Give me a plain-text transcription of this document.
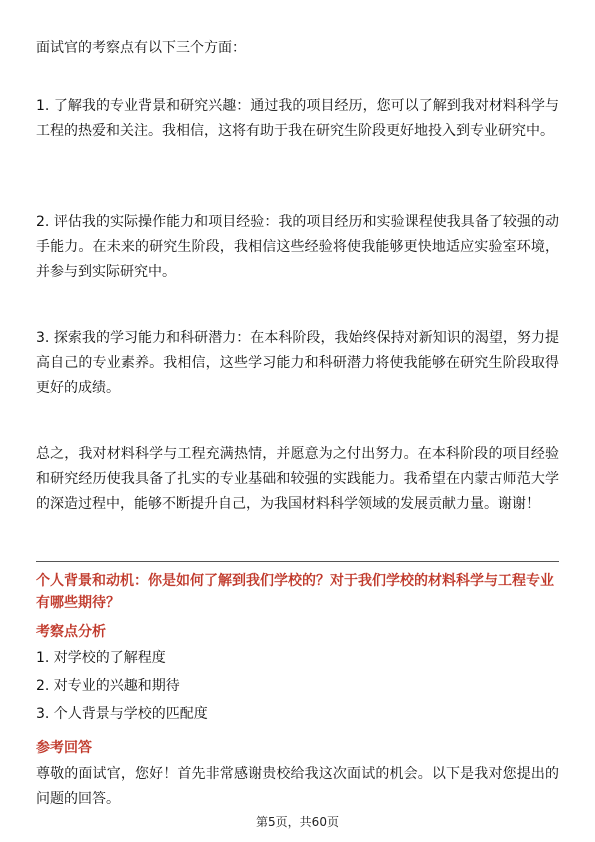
面试官的考察点有以下三个方面：

1. 了解我的专业背景和研究兴趣：通过我的项目经历，您可以了解到我对材料科学与工程的热爱和关注。我相信，这将有助于我在研究生阶段更好地投入到专业研究中。

2. 评估我的实际操作能力和项目经验：我的项目经历和实验课程使我具备了较强的动手能力。在未来的研究生阶段，我相信这些经验将使我能够更快地适应实验室环境，并参与到实际研究中。

3. 探索我的学习能力和科研潜力：在本科阶段，我始终保持对新知识的渴望，努力提高自己的专业素养。我相信，这些学习能力和科研潜力将使我能够在研究生阶段取得更好的成绩。

总之，我对材料科学与工程充满热情，并愿意为之付出努力。在本科阶段的项目经验和研究经历使我具备了扎实的专业基础和较强的实践能力。我希望在内蒙古师范大学的深造过程中，能够不断提升自己，为我国材料科学领域的发展贡献力量。谢谢！

个人背景和动机：你是如何了解到我们学校的？对于我们学校的材料科学与工程专业有哪些期待？

考察点分析

1. 对学校的了解程度

2. 对专业的兴趣和期待

3. 个人背景与学校的匹配度

参考回答

尊敬的面试官，您好！首先非常感谢贵校给我这次面试的机会。以下是我对您提出的问题的回答。

第5页，共60页
